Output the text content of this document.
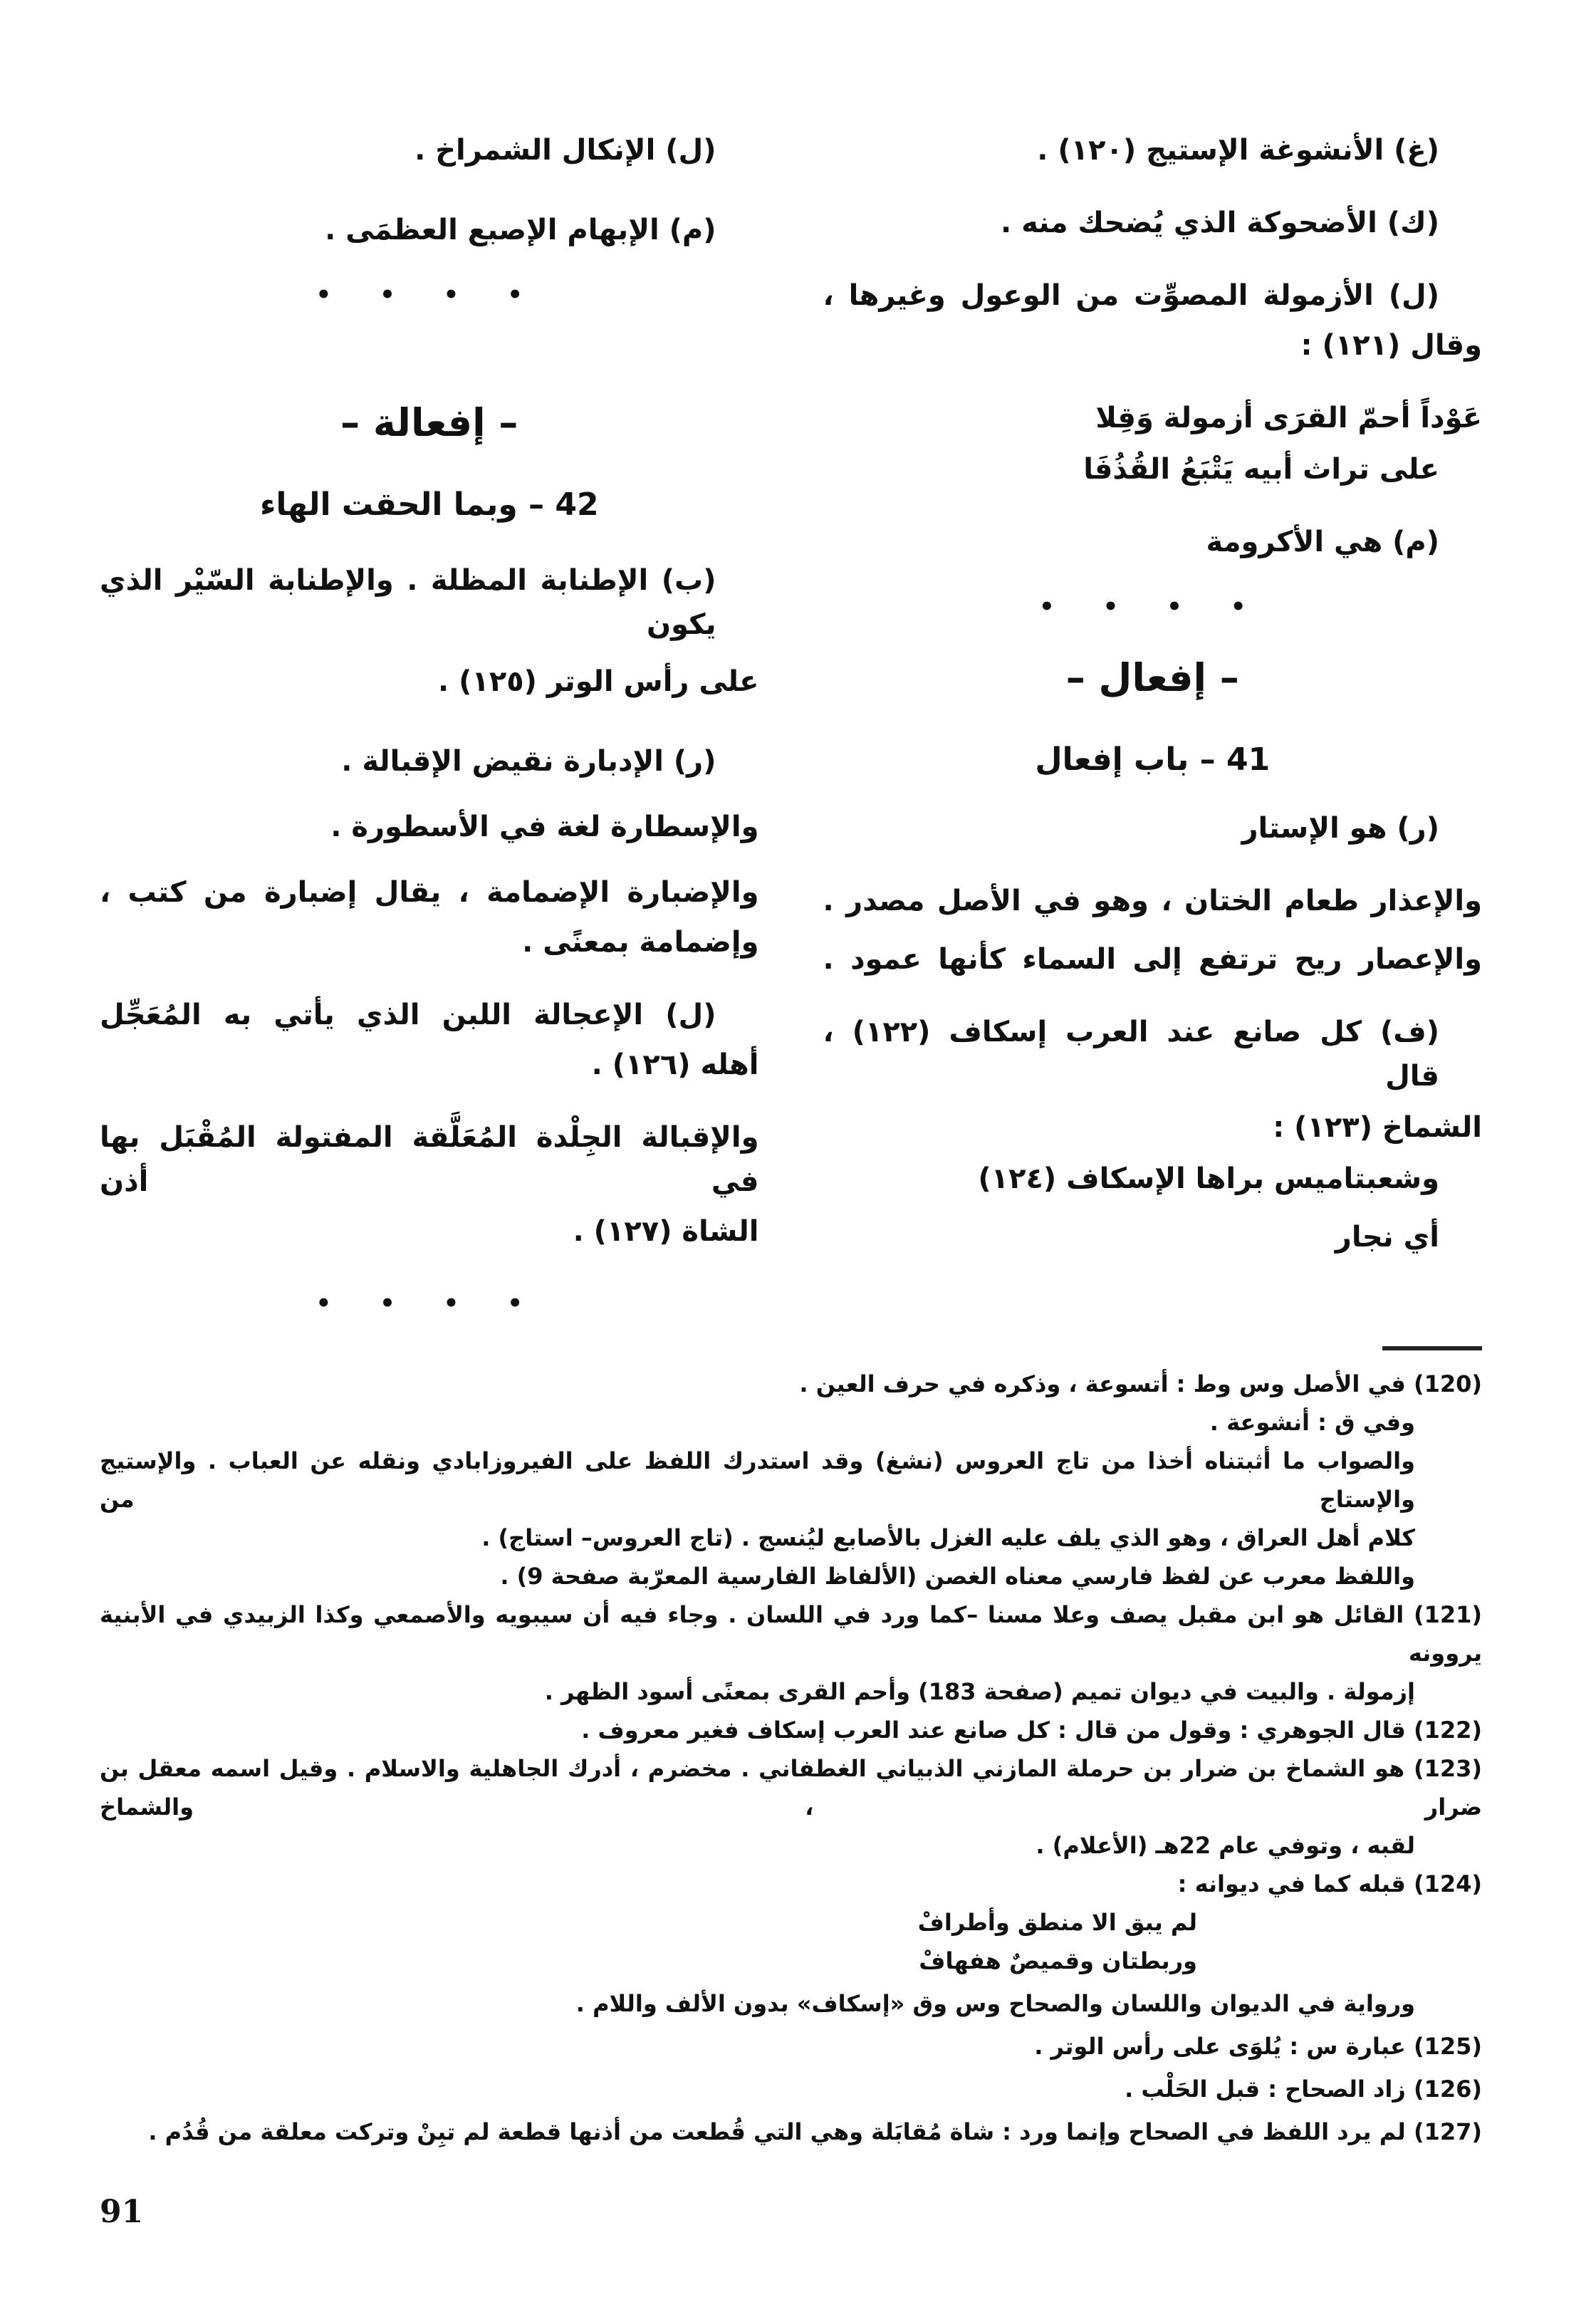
(غ) الأنشوغة الإستيج (١٢٠) .
(ك) الأضحوكة الذي يُضحك منه .
(ل) الأزمولة المصوِّت من الوعول وغيرها ،
وقال (١٢١) :
عَوْداً أحمّ القرَى أزمولة وَقِلا
على تراث أبيه يَتْبَعُ القُذُفَا
(م) هي الأكرومة
• • • •
– إفعال –
41 – باب إفعال
(ر) هو الإستار
والإعذار طعام الختان ، وهو في الأصل مصدر .
والإعصار ريح ترتفع إلى السماء كأنها عمود .
(ف) كل صانع عند العرب إسكاف (١٢٢) ، قال
الشماخ (١٢٣) :
وشعبتاميس براها الإسكاف (١٢٤)
أي نجار
(ل) الإنكال الشمراخ .
(م) الإبهام الإصبع العظمَى .
• • • •
– إفعالة –
42 – وبما الحقت الهاء
(ب) الإطنابة المظلة . والإطنابة السّيْر الذي يكون
على رأس الوتر (١٢٥) .
(ر) الإدبارة نقيض الإقبالة .
والإسطارة لغة في الأسطورة .
والإضبارة الإضمامة ، يقال إضبارة من كتب ،
وإضمامة بمعنًى .
(ل) الإعجالة اللبن الذي يأتي به المُعَجِّل
أهله (١٢٦) .
والإقبالة الجِلْدة المُعَلَّقة المفتولة المُقْبَل بها في أذن
الشاة (١٢٧) .
• • • •
(120) في الأصل وس وط : أتسوعة ، وذكره في حرف العين .
وفي ق : أنشوعة .
والصواب ما أثبتناه أخذا من تاج العروس (نشغ) وقد استدرك اللفظ على الفيروزابادي ونقله عن العباب . والإستيج والإستاج من
كلام أهل العراق ، وهو الذي يلف عليه الغزل بالأصابع ليُنسج . (تاج العروس– استاج) .
واللفظ معرب عن لفظ فارسي معناه الغصن (الألفاظ الفارسية المعرّبة صفحة 9) .
(121) القائل هو ابن مقبل يصف وعلا مسنا –كما ورد في اللسان . وجاء فيه أن سيبويه والأصمعي وكذا الزبيدي في الأبنية يروونه
إزمولة . والبيت في ديوان تميم (صفحة 183) وأحم القرى بمعنًى أسود الظهر .
(122) قال الجوهري : وقول من قال : كل صانع عند العرب إسكاف فغير معروف .
(123) هو الشماخ بن ضرار بن حرملة المازني الذبياني الغطفاني . مخضرم ، أدرك الجاهلية والاسلام . وقيل اسمه معقل بن ضرار ، والشماخ
لقبه ، وتوفي عام 22هـ (الأعلام) .
(124) قبله كما في ديوانه :
لم يبق الا منطق وأطرافْ
وربطتان وقميصٌ هفهافْ
ورواية في الديوان واللسان والصحاح وس وق «إسكاف» بدون الألف واللام .
(125) عبارة س : يُلوَى على رأس الوتر .
(126) زاد الصحاح : قبل الحَلْب .
(127) لم يرد اللفظ في الصحاح وإنما ورد : شاة مُقابَلة وهي التي قُطعت من أذنها قطعة لم تبِنْ وتركت معلقة من قُدُم .
91
